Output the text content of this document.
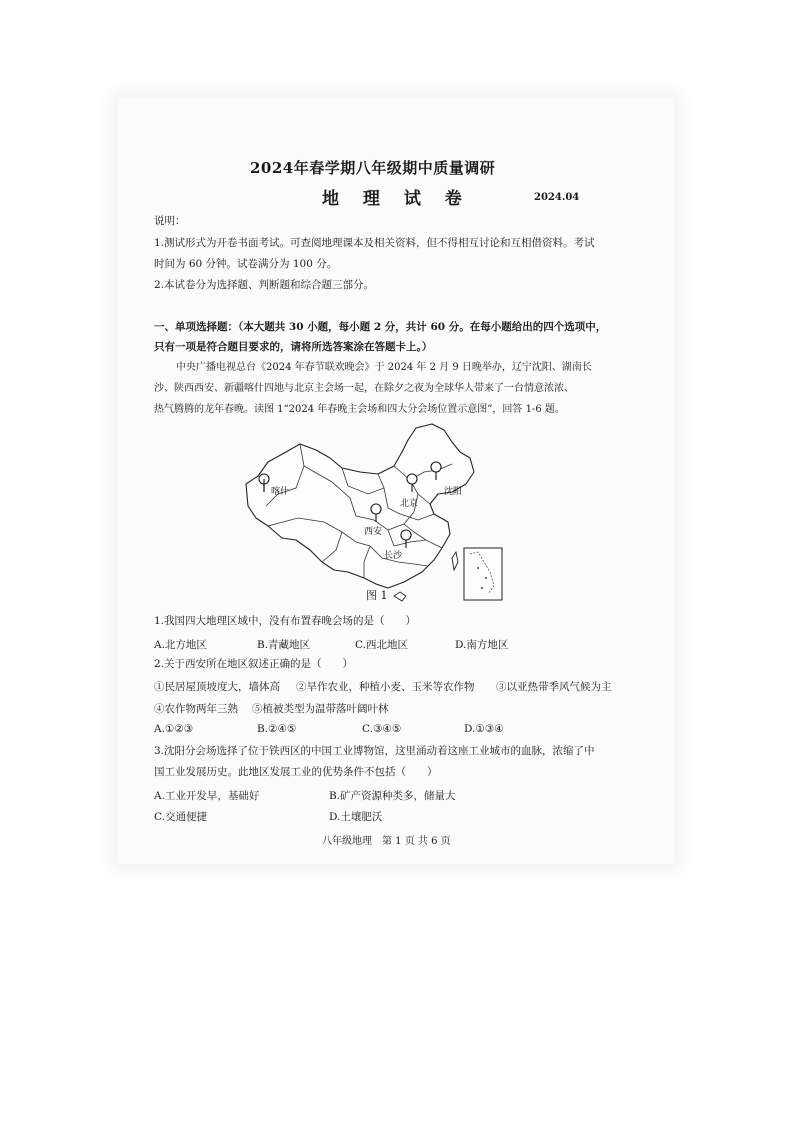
2024年春学期八年级期中质量调研
地 理 试 卷	2024.04
说明：
1.测试形式为开卷书面考试。可查阅地理课本及相关资料，但不得相互讨论和互相借资料。考试
时间为 60 分钟。试卷满分为 100 分。
2.本试卷分为选择题、判断题和综合题三部分。
一、单项选择题：（本大题共 30 小题，每小题 2 分，共计 60 分。在每小题给出的四个选项中，
只有一项是符合题目要求的，请将所选答案涂在答题卡上。）
中央广播电视总台《2024 年春节联欢晚会》于 2024 年 2 月 9 日晚举办，辽宁沈阳、湖南长
沙、陕西西安、新疆喀什四地与北京主会场一起，在除夕之夜为全球华人带来了一台情意浓浓、
热气腾腾的龙年春晚。读图 1“2024 年春晚主会场和四大分会场位置示意图”，回答 1-6 题。
喀什
北京
沈阳
西安
长沙
图 1
1.我国四大地理区域中，没有布置春晚会场的是（　　）
A.北方地区	B.青藏地区	C.西北地区	D.南方地区
2.关于西安所在地区叙述正确的是（　　）
①民居屋顶坡度大，墙体高 ②旱作农业，种植小麦、玉米等农作物 ③以亚热带季风气候为主
④农作物两年三熟 ⑤植被类型为温带落叶阔叶林
A.①②③	B.②④⑤	C.③④⑤	D.①③④
3.沈阳分会场选择了位于铁西区的中国工业博物馆，这里涌动着这座工业城市的血脉，浓缩了中
国工业发展历史。此地区发展工业的优势条件不包括（　　）
A.工业开发早，基础好	B.矿产资源种类多，储量大
C.交通便捷	D.土壤肥沃
八年级地理　第 1 页 共 6 页
